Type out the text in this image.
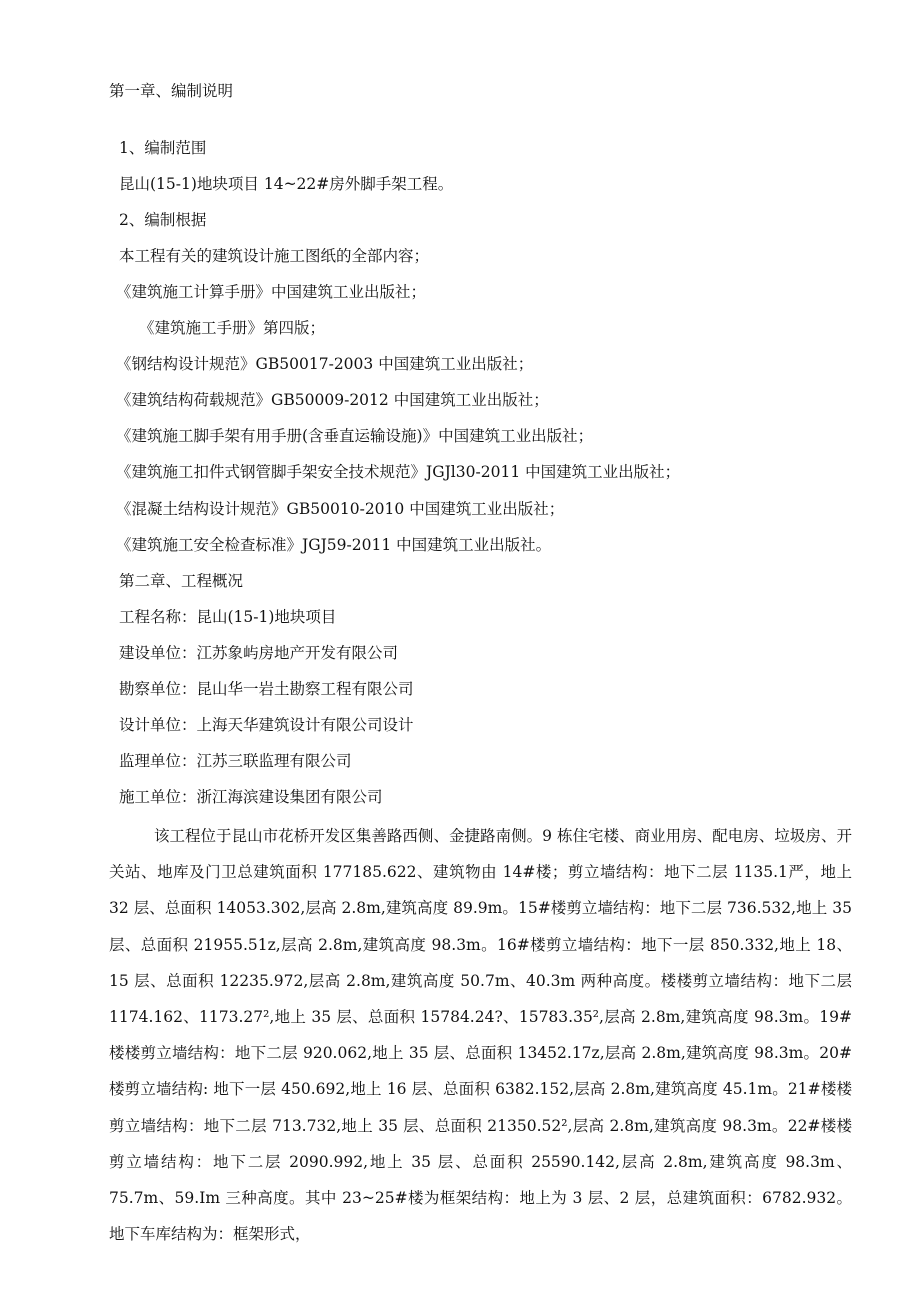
第一章、编制说明
1、编制范围
昆山(15-1)地块项目 14~22#房外脚手架工程。
2、编制根据
本工程有关的建筑设计施工图纸的全部内容；
《建筑施工计算手册》中国建筑工业出版社；
《建筑施工手册》第四版；
《钢结构设计规范》GB50017-2003 中国建筑工业出版社；
《建筑结构荷载规范》GB50009-2012 中国建筑工业出版社；
《建筑施工脚手架有用手册(含垂直运输设施)》中国建筑工业出版社；
《建筑施工扣件式钢管脚手架安全技术规范》JGJl30-2011 中国建筑工业出版社；
《混凝土结构设计规范》GB50010-2010 中国建筑工业出版社；
《建筑施工安全检查标准》JGJ59-2011 中国建筑工业出版社。
第二章、工程概况
工程名称：昆山(15-1)地块项目
建设单位：江苏象屿房地产开发有限公司
勘察单位：昆山华一岩土勘察工程有限公司
设计单位：上海天华建筑设计有限公司设计
监理单位：江苏三联监理有限公司
施工单位：浙江海滨建设集团有限公司
该工程位于昆山市花桥开发区集善路西侧、金捷路南侧。9 栋住宅楼、商业用房、配电房、垃圾房、开关站、地库及门卫总建筑面积 177185.622、建筑物由 14#楼；剪立墙结构：地下二层 1135.1严，地上 32 层、总面积 14053.302,层高 2.8m,建筑高度 89.9m。15#楼剪立墙结构：地下二层 736.532,地上 35 层、总面积 21955.51z,层高 2.8m,建筑高度 98.3m。16#楼剪立墙结构：地下一层 850.332,地上 18、15 层、总面积 12235.972,层高 2.8m,建筑高度 50.7m、40.3m 两种高度。楼楼剪立墙结构：地下二层 1174.162、1173.27²,地上 35 层、总面积 15784.24?、15783.35²,层高 2.8m,建筑高度 98.3m。19#楼楼剪立墙结构：地下二层 920.062,地上 35 层、总面积 13452.17z,层高 2.8m,建筑高度 98.3m。20#楼剪立墙结构: 地下一层 450.692,地上 16 层、总面积 6382.152,层高 2.8m,建筑高度 45.1m。21#楼楼剪立墙结构：地下二层 713.732,地上 35 层、总面积 21350.52²,层高 2.8m,建筑高度 98.3m。22#楼楼剪立墙结构：地下二层 2090.992,地上 35 层、总面积 25590.142,层高 2.8m,建筑高度 98.3m、75.7m、59.Im 三种高度。其中 23~25#楼为框架结构：地上为 3 层、2 层，总建筑面积：6782.932。地下车库结构为：框架形式，
